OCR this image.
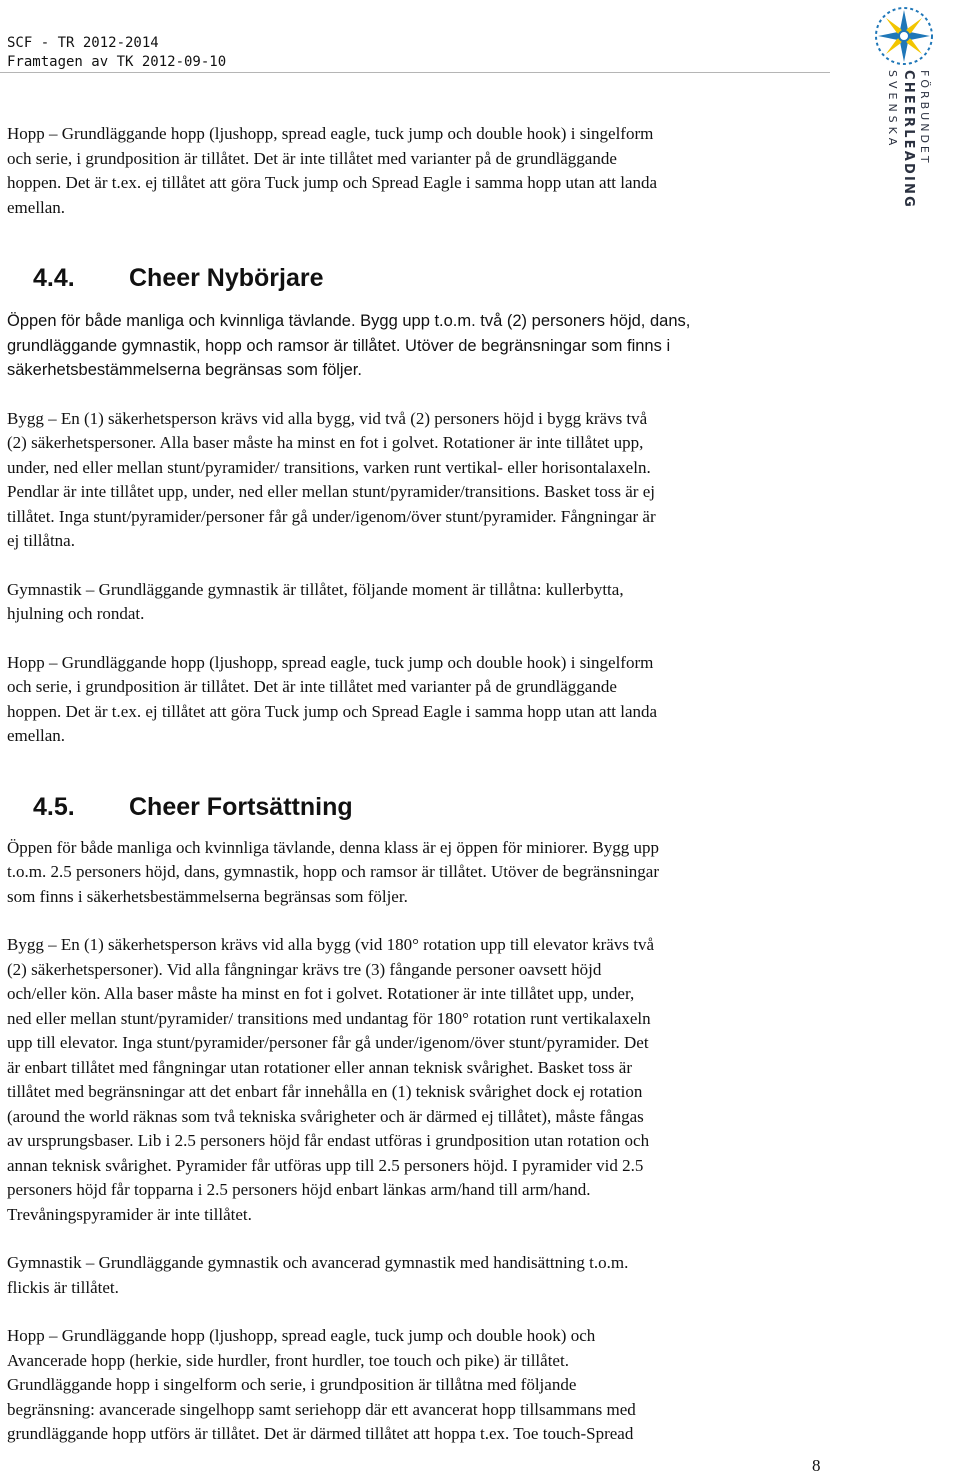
SCF - TR 2012-2014
Framtagen av TK 2012-09-10
SVENSKA CHEERLEADING FÖRBUNDET

Hopp – Grundläggande hopp (ljushopp, spread eagle, tuck jump och double hook) i singelform
och serie, i grundposition är tillåtet. Det är inte tillåtet med varianter på de grundläggande
hoppen. Det är t.ex. ej tillåtet att göra Tuck jump och Spread Eagle i samma hopp utan att landa
emellan.

4.4.	Cheer Nybörjare

Öppen för både manliga och kvinnliga tävlande. Bygg upp t.o.m. två (2) personers höjd, dans,
grundläggande gymnastik, hopp och ramsor är tillåtet. Utöver de begränsningar som finns i
säkerhetsbestämmelserna begränsas som följer.

Bygg – En (1) säkerhetsperson krävs vid alla bygg, vid två (2) personers höjd i bygg krävs två
(2) säkerhetspersoner. Alla baser måste ha minst en fot i golvet. Rotationer är inte tillåtet upp,
under, ned eller mellan stunt/pyramider/ transitions, varken runt vertikal- eller horisontalaxeln.
Pendlar är inte tillåtet upp, under, ned eller mellan stunt/pyramider/transitions. Basket toss är ej
tillåtet. Inga stunt/pyramider/personer får gå under/igenom/över stunt/pyramider. Fångningar är
ej tillåtna.

Gymnastik – Grundläggande gymnastik är tillåtet, följande moment är tillåtna: kullerbytta,
hjulning och rondat.

Hopp – Grundläggande hopp (ljushopp, spread eagle, tuck jump och double hook) i singelform
och serie, i grundposition är tillåtet. Det är inte tillåtet med varianter på de grundläggande
hoppen. Det är t.ex. ej tillåtet att göra Tuck jump och Spread Eagle i samma hopp utan att landa
emellan.

4.5.	Cheer Fortsättning

Öppen för både manliga och kvinnliga tävlande, denna klass är ej öppen för miniorer. Bygg upp
t.o.m. 2.5 personers höjd, dans, gymnastik, hopp och ramsor är tillåtet. Utöver de begränsningar
som finns i säkerhetsbestämmelserna begränsas som följer.

Bygg – En (1) säkerhetsperson krävs vid alla bygg (vid 180° rotation upp till elevator krävs två
(2) säkerhetspersoner). Vid alla fångningar krävs tre (3) fångande personer oavsett höjd
och/eller kön. Alla baser måste ha minst en fot i golvet. Rotationer är inte tillåtet upp, under,
ned eller mellan stunt/pyramider/ transitions med undantag för 180° rotation runt vertikalaxeln
upp till elevator. Inga stunt/pyramider/personer får gå under/igenom/över stunt/pyramider. Det
är enbart tillåtet med fångningar utan rotationer eller annan teknisk svårighet. Basket toss är
tillåtet med begränsningar att det enbart får innehålla en (1) teknisk svårighet dock ej rotation
(around the world räknas som två tekniska svårigheter och är därmed ej tillåtet), måste fångas
av ursprungsbaser. Lib i 2.5 personers höjd får endast utföras i grundposition utan rotation och
annan teknisk svårighet. Pyramider får utföras upp till 2.5 personers höjd. I pyramider vid 2.5
personers höjd får topparna i 2.5 personers höjd enbart länkas arm/hand till arm/hand.
Trevåningspyramider är inte tillåtet.

Gymnastik – Grundläggande gymnastik och avancerad gymnastik med handisättning t.o.m.
flickis är tillåtet.

Hopp – Grundläggande hopp (ljushopp, spread eagle, tuck jump och double hook) och
Avancerade hopp (herkie, side hurdler, front hurdler, toe touch och pike) är tillåtet.
Grundläggande hopp i singelform och serie, i grundposition är tillåtna med följande
begränsning: avancerade singelhopp samt seriehopp där ett avancerat hopp tillsammans med
grundläggande hopp utförs är tillåtet. Det är därmed tillåtet att hoppa t.ex. Toe touch-Spread

8
